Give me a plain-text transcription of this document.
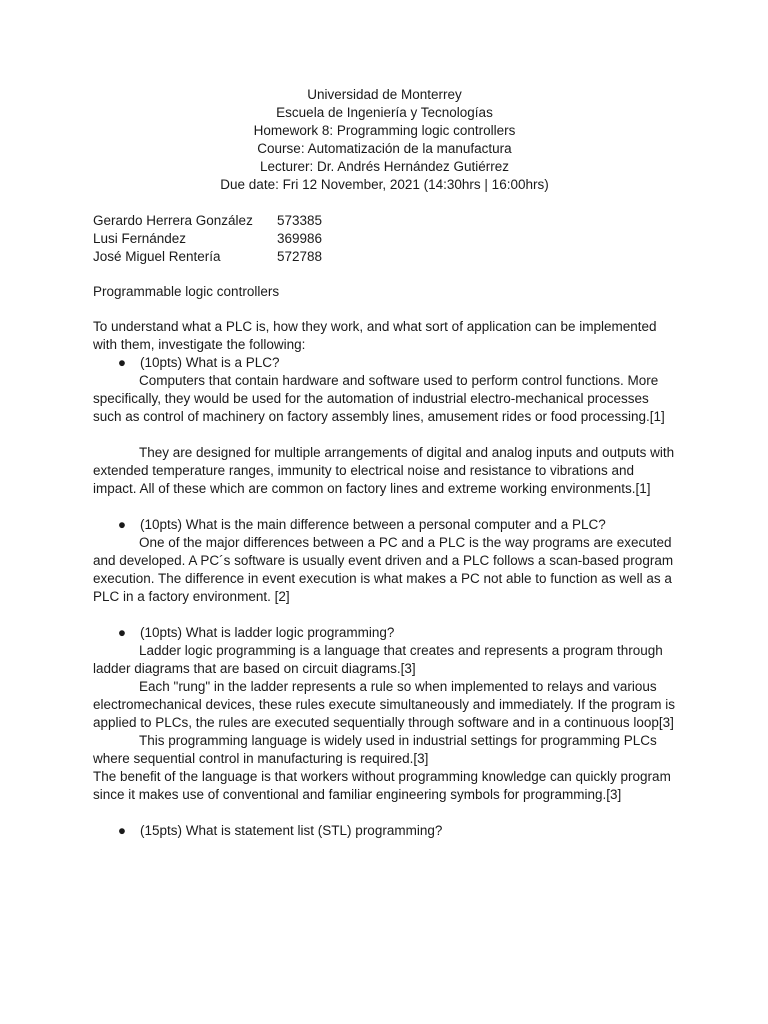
Universidad de Monterrey
Escuela de Ingeniería y Tecnologías
Homework 8: Programming logic controllers
Course: Automatización de la manufactura
Lecturer: Dr. Andrés Hernández Gutiérrez
Due date: Fri 12 November, 2021 (14:30hrs | 16:00hrs)
Gerardo Herrera González	573385
Lusi Fernández	369986
José Miguel Rentería	572788
Programmable logic controllers

To understand what a PLC is, how they work, and what sort of application can be implemented with them, investigate the following:

●	(10pts) What is a PLC?

Computers that contain hardware and software used to perform control functions. More specifically, they would be used for the automation of industrial electro-mechanical processes such as control of machinery on factory assembly lines, amusement rides or food processing.[1]

They are designed for multiple arrangements of digital and analog inputs and outputs with extended temperature ranges, immunity to electrical noise and resistance to vibrations and impact. All of these which are common on factory lines and extreme working environments.[1]

●	(10pts) What is the main difference between a personal computer and a PLC?

One of the major differences between a PC and a PLC is the way programs are executed and developed. A PC´s software is usually event driven and a PLC follows a scan-based program execution. The difference in event execution is what makes a PC not able to function as well as a PLC in a factory environment. [2]

●	(10pts) What is ladder logic programming?

Ladder logic programming is a language that creates and represents a program through ladder diagrams that are based on circuit diagrams.[3]

Each "rung" in the ladder represents a rule so when implemented to relays and various electromechanical devices, these rules execute simultaneously and immediately. If the program is applied to PLCs, the rules are executed sequentially through software and in a continuous loop[3]

This programming language is widely used in industrial settings for programming PLCs where sequential control in manufacturing is required.[3]

The benefit of the language is that workers without programming knowledge can quickly program since it makes use of conventional and familiar engineering symbols for programming.[3]

●	(15pts) What is statement list (STL) programming?
